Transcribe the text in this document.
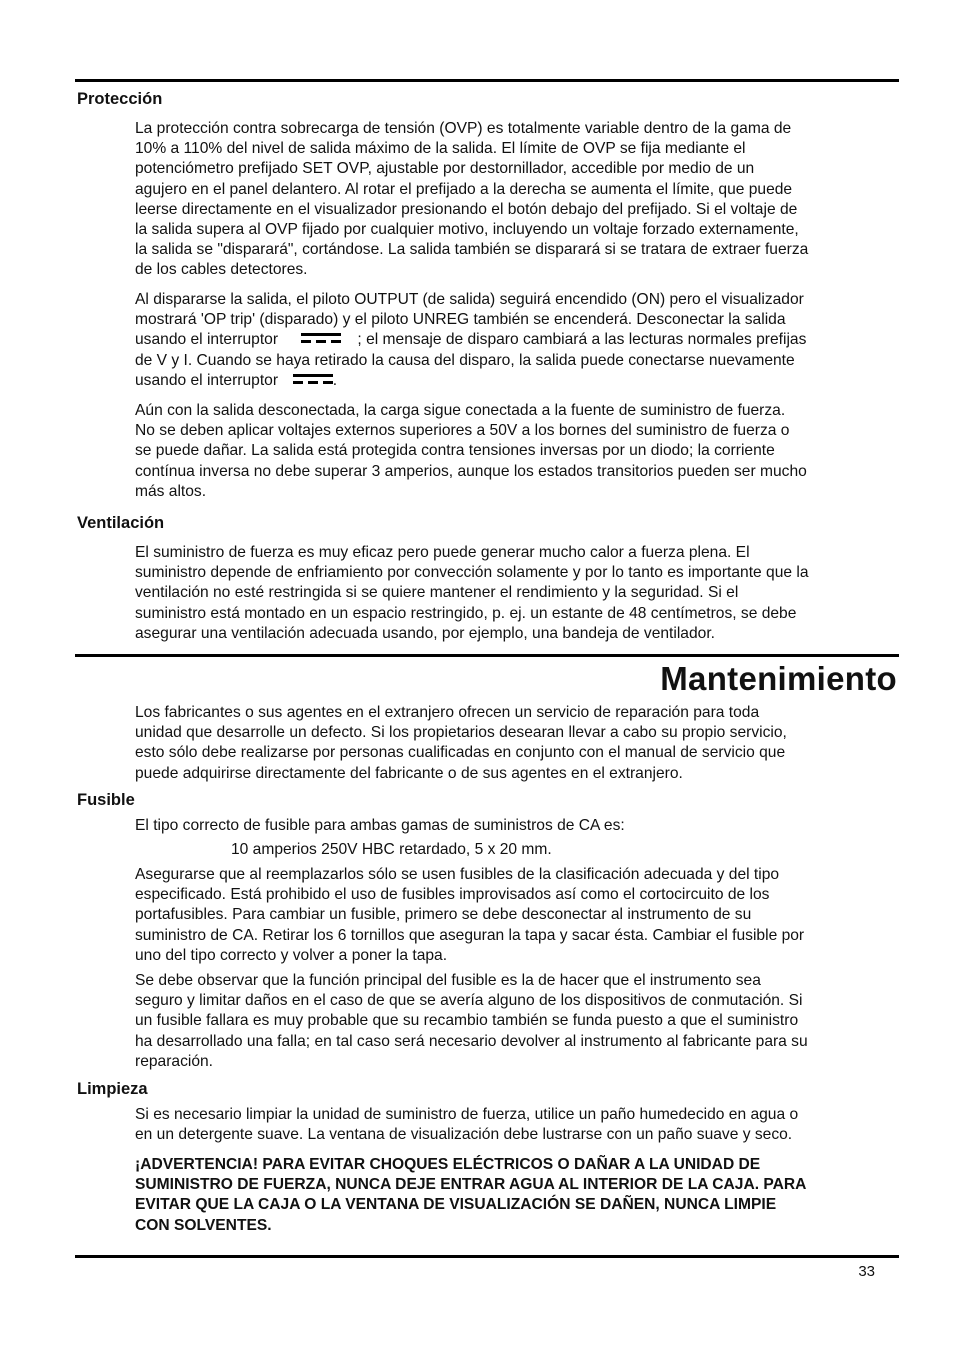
Protección
La protección contra sobrecarga de tensión (OVP) es totalmente variable dentro de la gama de
10% a 110% del nivel de salida máximo de la salida. El límite de OVP se fija mediante el
potenciómetro prefijado SET OVP, ajustable por destornillador, accedible por medio de un
agujero en el panel delantero. Al rotar el prefijado a la derecha se aumenta el límite, que puede
leerse directamente en el visualizador presionando el botón debajo del prefijado. Si el voltaje de
la salida supera al OVP fijado por cualquier motivo, incluyendo un voltaje forzado externamente,
la salida se "disparará", cortándose. La salida también se disparará si se tratara de extraer fuerza
de los cables detectores.
Al dispararse la salida, el piloto OUTPUT (de salida) seguirá encendido (ON) pero el visualizador
mostrará 'OP trip' (disparado) y el piloto UNREG también se encenderá. Desconectar la salida
usando el interruptor	; el mensaje de disparo cambiará a las lecturas normales prefijas
de V y I. Cuando se haya retirado la causa del disparo, la salida puede conectarse nuevamente
usando el interruptor	.
Aún con la salida desconectada, la carga sigue conectada a la fuente de suministro de fuerza.
No se deben aplicar voltajes externos superiores a 50V a los bornes del suministro de fuerza o
se puede dañar. La salida está protegida contra tensiones inversas por un diodo; la corriente
contínua inversa no debe superar 3 amperios, aunque los estados transitorios pueden ser mucho
más altos.
Ventilación
El suministro de fuerza es muy eficaz pero puede generar mucho calor a fuerza plena. El
suministro depende de enfriamiento por convección solamente y por lo tanto es importante que la
ventilación no esté restringida si se quiere mantener el rendimiento y la seguridad. Si el
suministro está montado en un espacio restringido, p. ej. un estante de 48 centímetros, se debe
asegurar una ventilación adecuada usando, por ejemplo, una bandeja de ventilador.
Mantenimiento
Los fabricantes o sus agentes en el extranjero ofrecen un servicio de reparación para toda
unidad que desarrolle un defecto. Si los propietarios desearan llevar a cabo su propio servicio,
esto sólo debe realizarse por personas cualificadas en conjunto con el manual de servicio que
puede adquirirse directamente del fabricante o de sus agentes en el extranjero.
Fusible
El tipo correcto de fusible para ambas gamas de suministros de CA es:
10 amperios 250V HBC retardado, 5 x 20 mm.
Asegurarse que al reemplazarlos sólo se usen fusibles de la clasificación adecuada y del tipo
especificado. Está prohibido el uso de fusibles improvisados así como el cortocircuito de los
portafusibles. Para cambiar un fusible, primero se debe desconectar al instrumento de su
suministro de CA. Retirar los 6 tornillos que aseguran la tapa y sacar ésta. Cambiar el fusible por
uno del tipo correcto y volver a poner la tapa.
Se debe observar que la función principal del fusible es la de hacer que el instrumento sea
seguro y limitar daños en el caso de que se avería alguno de los dispositivos de conmutación. Si
un fusible fallara es muy probable que su recambio también se funda puesto a que el suministro
ha desarrollado una falla; en tal caso será necesario devolver al instrumento al fabricante para su
reparación.
Limpieza
Si es necesario limpiar la unidad de suministro de fuerza, utilice un paño humedecido en agua o
en un detergente suave. La ventana de visualización debe lustrarse con un paño suave y seco.
¡ADVERTENCIA! PARA EVITAR CHOQUES ELÉCTRICOS O DAÑAR A LA UNIDAD DE
SUMINISTRO DE FUERZA, NUNCA DEJE ENTRAR AGUA AL INTERIOR DE LA CAJA. PARA
EVITAR QUE LA CAJA O LA VENTANA DE VISUALIZACIÓN SE DAÑEN, NUNCA LIMPIE
CON SOLVENTES.
33
